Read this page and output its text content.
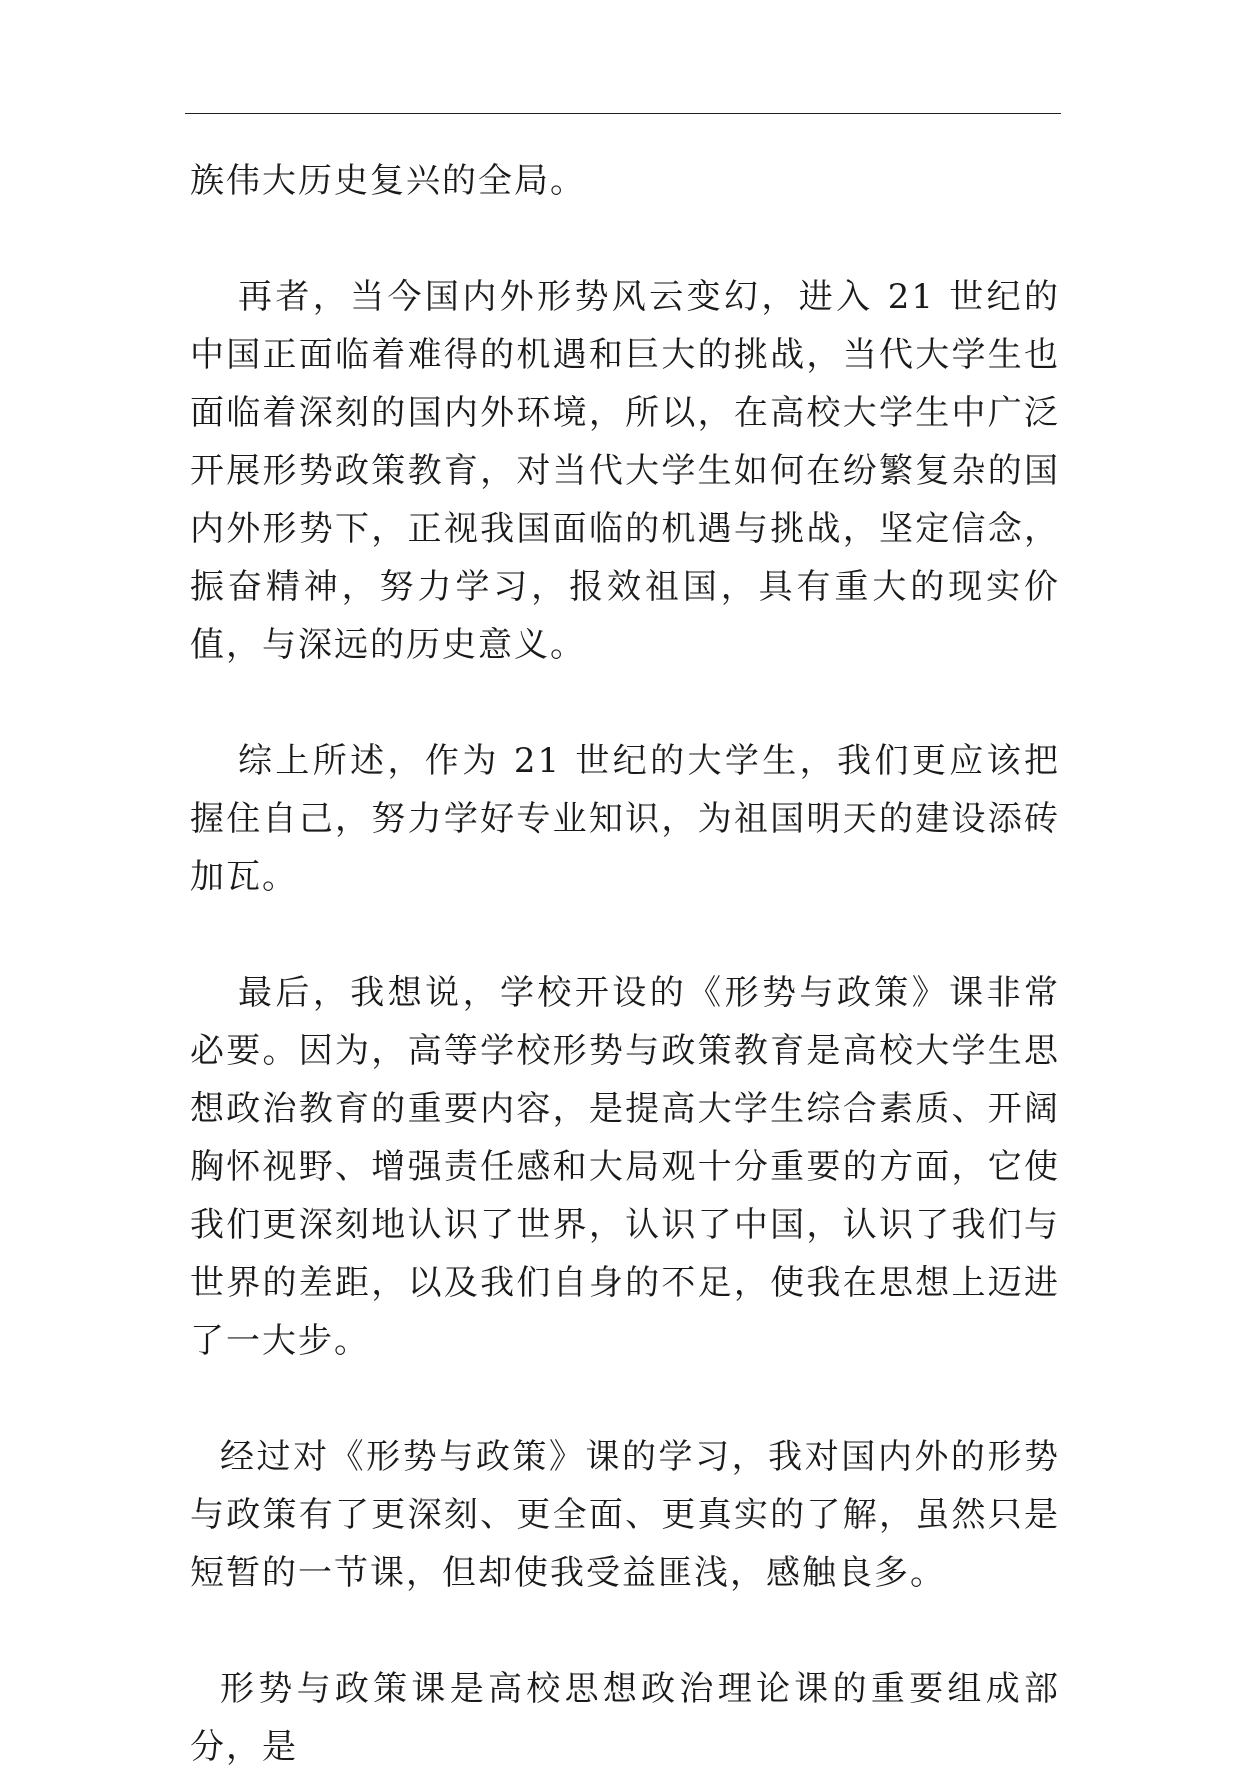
族伟大历史复兴的全局。

再者，当今国内外形势风云变幻，进入 21 世纪的中国正面临着难得的机遇和巨大的挑战，当代大学生也面临着深刻的国内外环境，所以，在高校大学生中广泛开展形势政策教育，对当代大学生如何在纷繁复杂的国内外形势下，正视我国面临的机遇与挑战，坚定信念，振奋精神，努力学习，报效祖国，具有重大的现实价值，与深远的历史意义。

综上所述，作为 21 世纪的大学生，我们更应该把握住自己，努力学好专业知识，为祖国明天的建设添砖加瓦。

最后，我想说，学校开设的《形势与政策》课非常必要。因为，高等学校形势与政策教育是高校大学生思想政治教育的重要内容，是提高大学生综合素质、开阔胸怀视野、增强责任感和大局观十分重要的方面，它使我们更深刻地认识了世界，认识了中国，认识了我们与世界的差距，以及我们自身的不足，使我在思想上迈进了一大步。

经过对《形势与政策》课的学习，我对国内外的形势与政策有了更深刻、更全面、更真实的了解，虽然只是短暂的一节课，但却使我受益匪浅，感触良多。

形势与政策课是高校思想政治理论课的重要组成部分，是
